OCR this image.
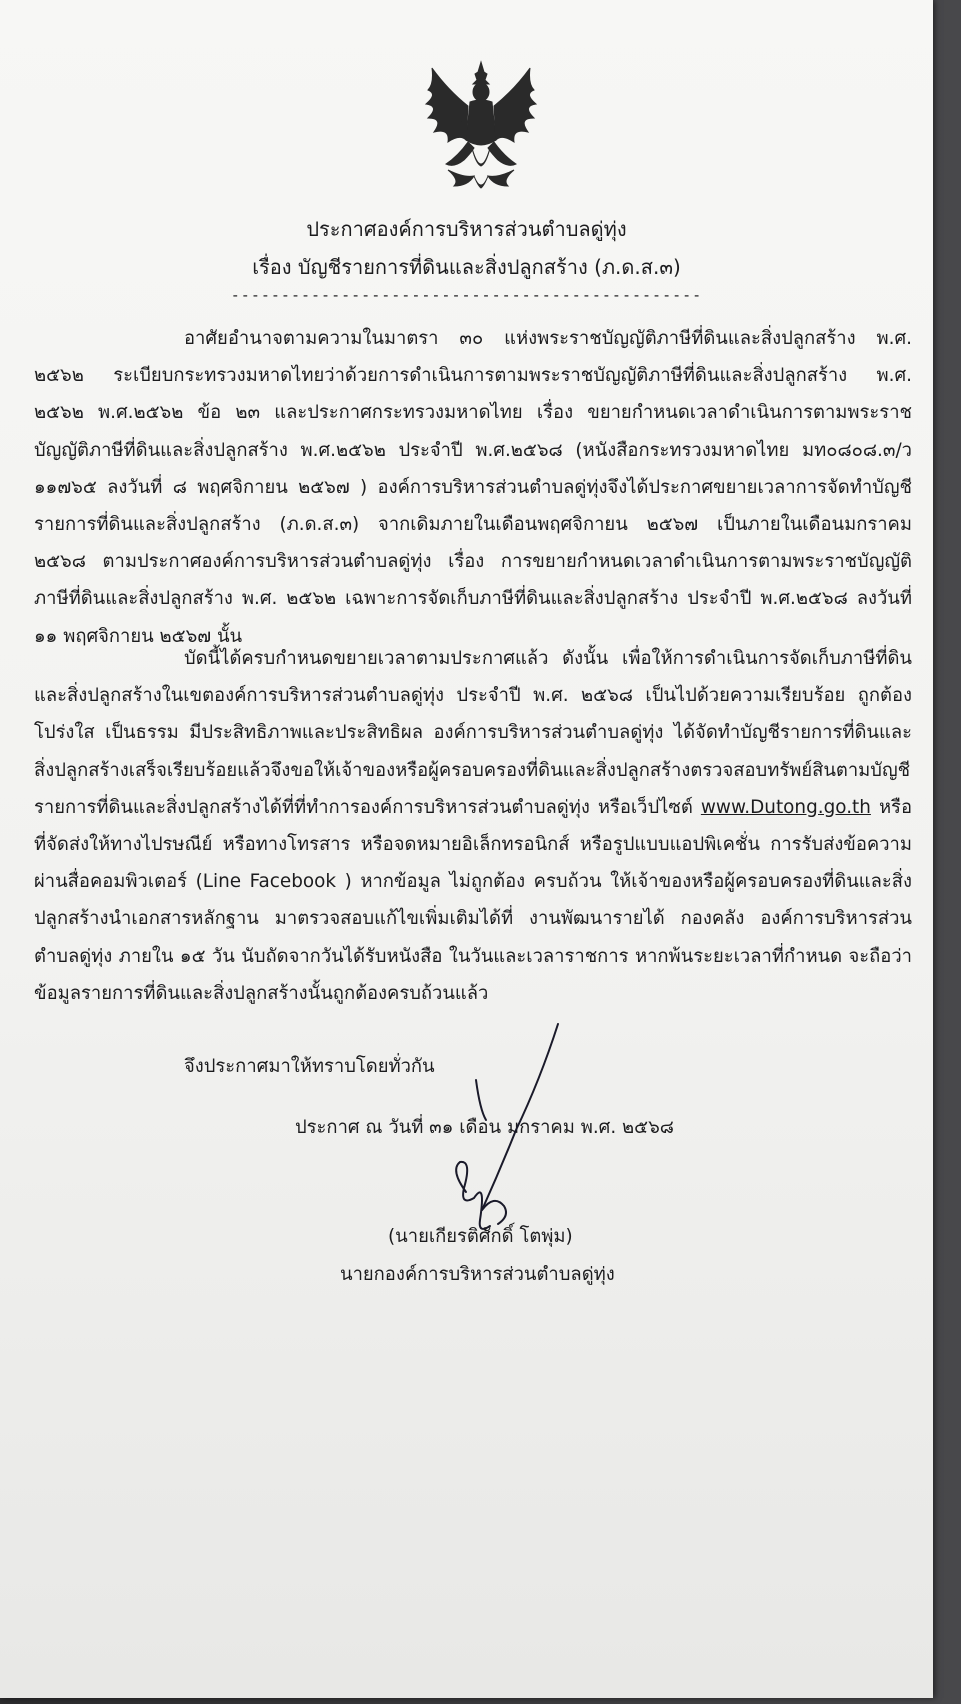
ประกาศองค์การบริหารส่วนตำบลดู่ทุ่ง

เรื่อง บัญชีรายการที่ดินและสิ่งปลูกสร้าง (ภ.ด.ส.๓)

-----------------------------------------------

อาศัยอำนาจตามความในมาตรา ๓๐ แห่งพระราชบัญญัติภาษีที่ดินและสิ่งปลูกสร้าง พ.ศ. ๒๕๖๒ ระเบียบกระทรวงมหาดไทยว่าด้วยการดำเนินการตามพระราชบัญญัติภาษีที่ดินและสิ่งปลูกสร้าง พ.ศ. ๒๕๖๒ พ.ศ.๒๕๖๒ ข้อ ๒๓ และประกาศกระทรวงมหาดไทย เรื่อง ขยายกำหนดเวลาดำเนินการตามพระราชบัญญัติภาษีที่ดินและสิ่งปลูกสร้าง พ.ศ.๒๕๖๒ ประจำปี พ.ศ.๒๕๖๘ (หนังสือกระทรวงมหาดไทย มท๐๘๐๘.๓/ว ๑๑๗๖๕ ลงวันที่ ๘ พฤศจิกายน ๒๕๖๗ ) องค์การบริหารส่วนตำบลดู่ทุ่งจึงได้ประกาศขยายเวลาการจัดทำบัญชีรายการที่ดินและสิ่งปลูกสร้าง (ภ.ด.ส.๓) จากเดิมภายในเดือนพฤศจิกายน ๒๕๖๗ เป็นภายในเดือนมกราคม ๒๕๖๘ ตามประกาศองค์การบริหารส่วนตำบลดู่ทุ่ง เรื่อง การขยายกำหนดเวลาดำเนินการตามพระราชบัญญัติภาษีที่ดินและสิ่งปลูกสร้าง พ.ศ. ๒๕๖๒ เฉพาะการจัดเก็บภาษีที่ดินและสิ่งปลูกสร้าง ประจำปี พ.ศ.๒๕๖๘ ลงวันที่ ๑๑ พฤศจิกายน ๒๕๖๗ นั้น

บัดนี้ได้ครบกำหนดขยายเวลาตามประกาศแล้ว ดังนั้น เพื่อให้การดำเนินการจัดเก็บภาษีที่ดินและสิ่งปลูกสร้างในเขตองค์การบริหารส่วนตำบลดู่ทุ่ง ประจำปี พ.ศ. ๒๕๖๘ เป็นไปด้วยความเรียบร้อย ถูกต้อง โปร่งใส เป็นธรรม มีประสิทธิภาพและประสิทธิผล องค์การบริหารส่วนตำบลดู่ทุ่ง ได้จัดทำบัญชีรายการที่ดินและสิ่งปลูกสร้างเสร็จเรียบร้อยแล้วจึงขอให้เจ้าของหรือผู้ครอบครองที่ดินและสิ่งปลูกสร้างตรวจสอบทรัพย์สินตามบัญชีรายการที่ดินและสิ่งปลูกสร้างได้ที่ที่ทำการองค์การบริหารส่วนตำบลดู่ทุ่ง หรือเว็ปไซต์ www.Dutong.go.th หรือที่จัดส่งให้ทางไปรษณีย์ หรือทางโทรสาร หรือจดหมายอิเล็กทรอนิกส์ หรือรูปแบบแอปพิเคชั่น การรับส่งข้อความผ่านสื่อคอมพิวเตอร์ (Line Facebook ) หากข้อมูล ไม่ถูกต้อง ครบถ้วน ให้เจ้าของหรือผู้ครอบครองที่ดินและสิ่งปลูกสร้างนำเอกสารหลักฐาน มาตรวจสอบแก้ไขเพิ่มเติมได้ที่ งานพัฒนารายได้ กองคลัง องค์การบริหารส่วนตำบลดู่ทุ่ง ภายใน ๑๕ วัน นับถัดจากวันได้รับหนังสือ ในวันและเวลาราชการ หากพ้นระยะเวลาที่กำหนด จะถือว่าข้อมูลรายการที่ดินและสิ่งปลูกสร้างนั้นถูกต้องครบถ้วนแล้ว

จึงประกาศมาให้ทราบโดยทั่วกัน

ประกาศ ณ วันที่ ๓๑ เดือน มกราคม พ.ศ. ๒๕๖๘

(นายเกียรติศักดิ์ โตพุ่ม)

นายกองค์การบริหารส่วนตำบลดู่ทุ่ง
